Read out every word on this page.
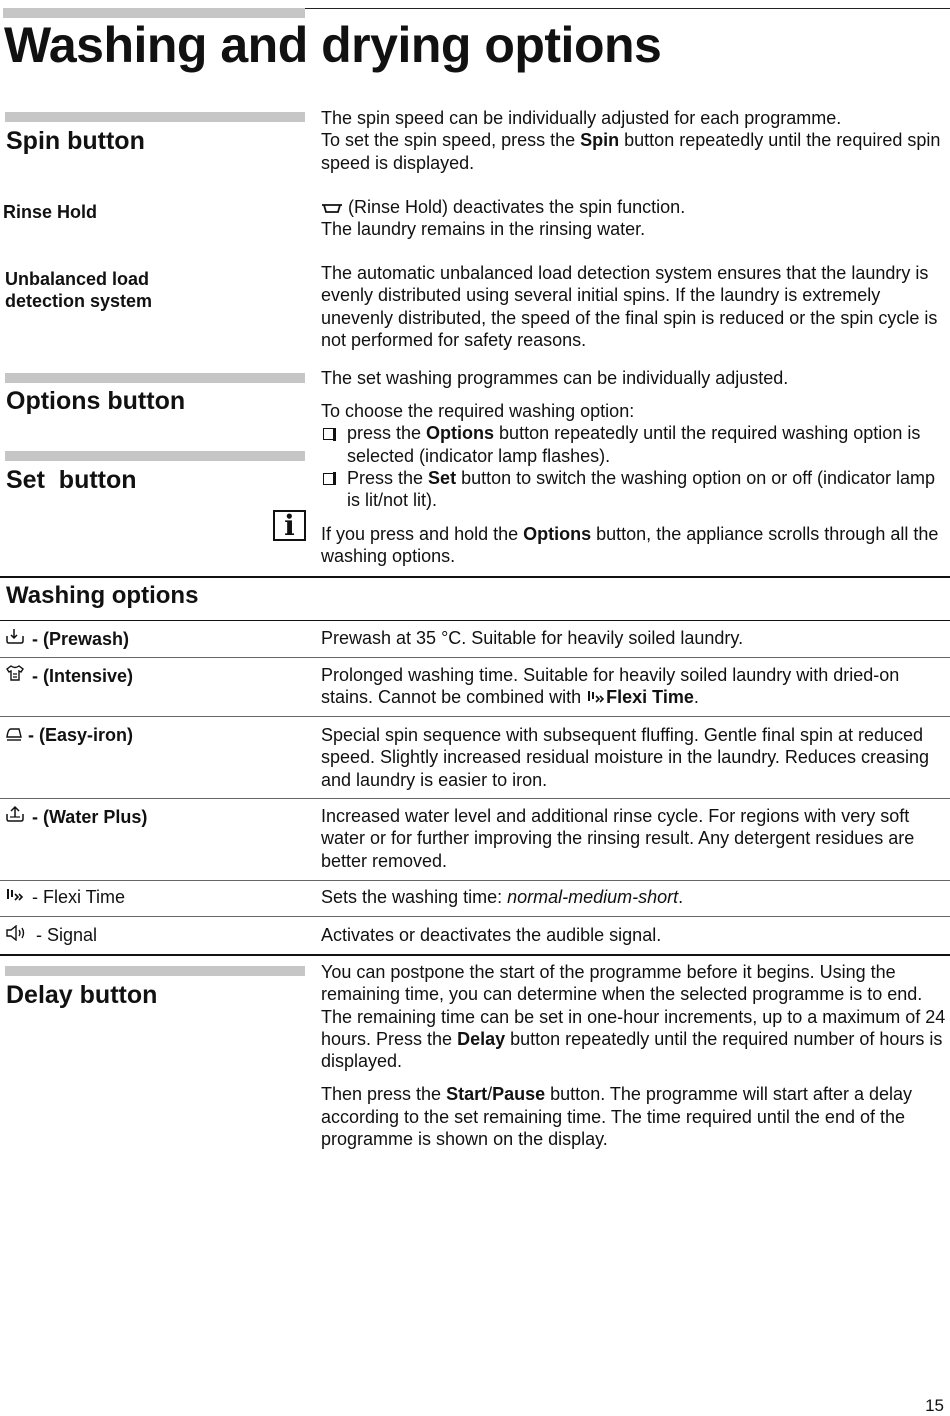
Washing and drying options
Spin button

The spin speed can be individually adjusted for each programme.
To set the spin speed, press the Spin button repeatedly until the required spin speed is displayed.

Rinse Hold	(Rinse Hold) deactivates the spin function.
The laundry remains in the rinsing water.

Unbalanced load detection system
The automatic unbalanced load detection system ensures that the laundry is evenly distributed using several initial spins. If the laundry is extremely unevenly distributed, the speed of the final spin is reduced or the spin cycle is not performed for safety reasons.
Options button
Set  button
The set washing programmes can be individually adjusted.

To choose the required washing option:

press the Options button repeatedly until the required washing option is selected (indicator lamp flashes).
Press the Set button to switch the washing option on or off (indicator lamp is lit/not lit).
i	If you press and hold the Options button, the appliance scrolls through all the washing options.
Washing options
- (Prewash)	Prewash at 35 °C. Suitable for heavily soiled laundry.
- (Intensive)	Prolonged washing time. Suitable for heavily soiled laundry with dried-on stains. Cannot be combined with Flexi Time.
- (Easy-iron)	Special spin sequence with subsequent fluffing. Gentle final spin at reduced speed. Slightly increased residual moisture in the laundry. Reduces creasing and laundry is easier to iron.
- (Water Plus)	Increased water level and additional rinse cycle. For regions with very soft water or for further improving the rinsing result. Any detergent residues are better removed.
- Flexi Time	Sets the washing time: normal-medium-short.
- Signal	Activates or deactivates the audible signal.
Delay button

You can postpone the start of the programme before it begins. Using the remaining time, you can determine when the selected programme is to end. The remaining time can be set in one-hour increments, up to a maximum of 24 hours. Press the Delay button repeatedly until the required number of hours is displayed.

Then press the Start/Pause button. The programme will start after a delay according to the set remaining time. The time required until the end of the programme is shown on the display.

15
